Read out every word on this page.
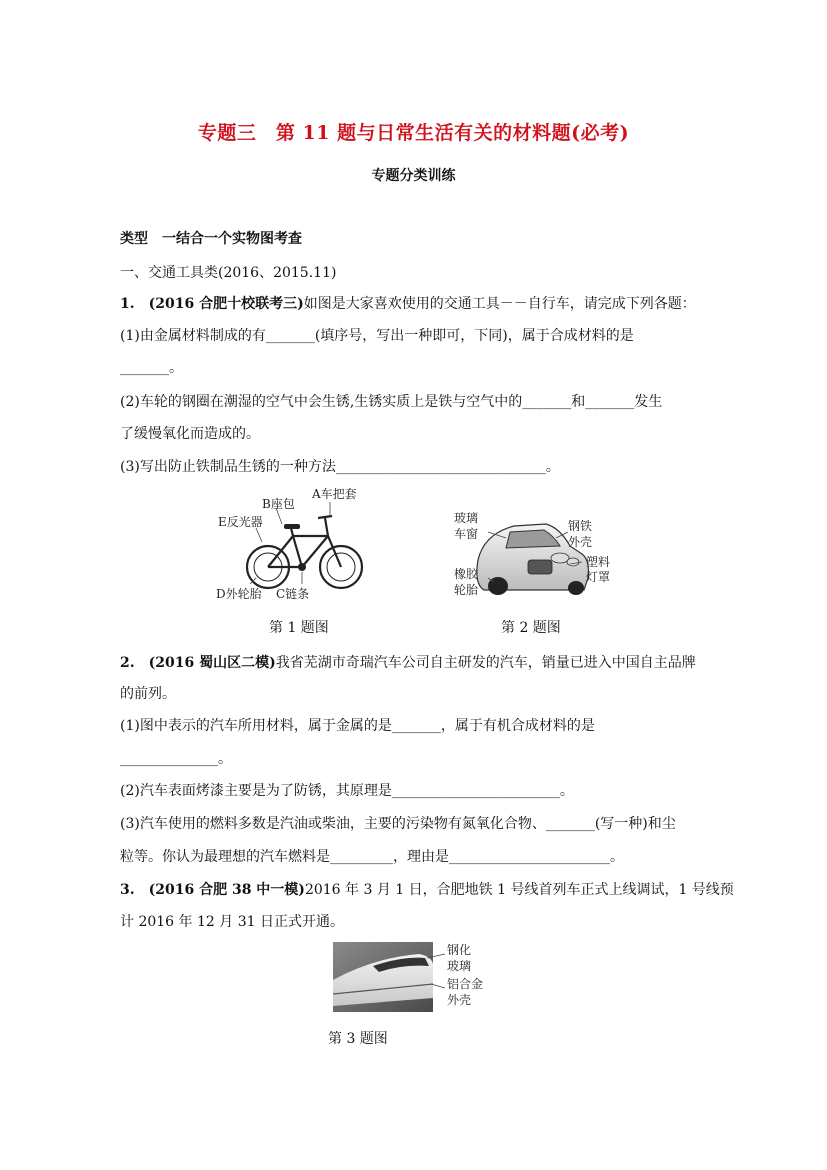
专题三　第 11 题与日常生活有关的材料题(必考)
专题分类训练
类型　一结合一个实物图考查
一、交通工具类(2016、2015.11)
1.　(2016 合肥十校联考三)如图是大家喜欢使用的交通工具－－自行车，请完成下列各题：
(1)由金属材料制成的有_______(填序号，写出一种即可，下同)，属于合成材料的是
_______。
(2)车轮的钢圈在潮湿的空气中会生锈,生锈实质上是铁与空气中的_______和_______发生
了缓慢氧化而造成的。
(3)写出防止铁制品生锈的一种方法______________________________。
B座包
A车把套
E反光器
D外轮胎 C链条
玻璃
车窗
钢铁
外壳
塑料
灯罩
橡胶
轮胎
第 1 题图	第 2 题图
2.　(2016 蜀山区二模)我省芜湖市奇瑞汽车公司自主研发的汽车，销量已进入中国自主品牌
的前列。
(1)图中表示的汽车所用材料，属于金属的是_______，属于有机合成材料的是
______________。
(2)汽车表面烤漆主要是为了防锈，其原理是________________________。
(3)汽车使用的燃料多数是汽油或柴油，主要的污染物有氮氧化合物、_______(写一种)和尘
粒等。你认为最理想的汽车燃料是_________，理由是_______________________。
3.　(2016 合肥 38 中一模)2016 年 3 月 1 日，合肥地铁 1 号线首列车正式上线调试，1 号线预
计 2016 年 12 月 31 日正式开通。
钢化
玻璃
铝合金
外壳
第 3 题图
